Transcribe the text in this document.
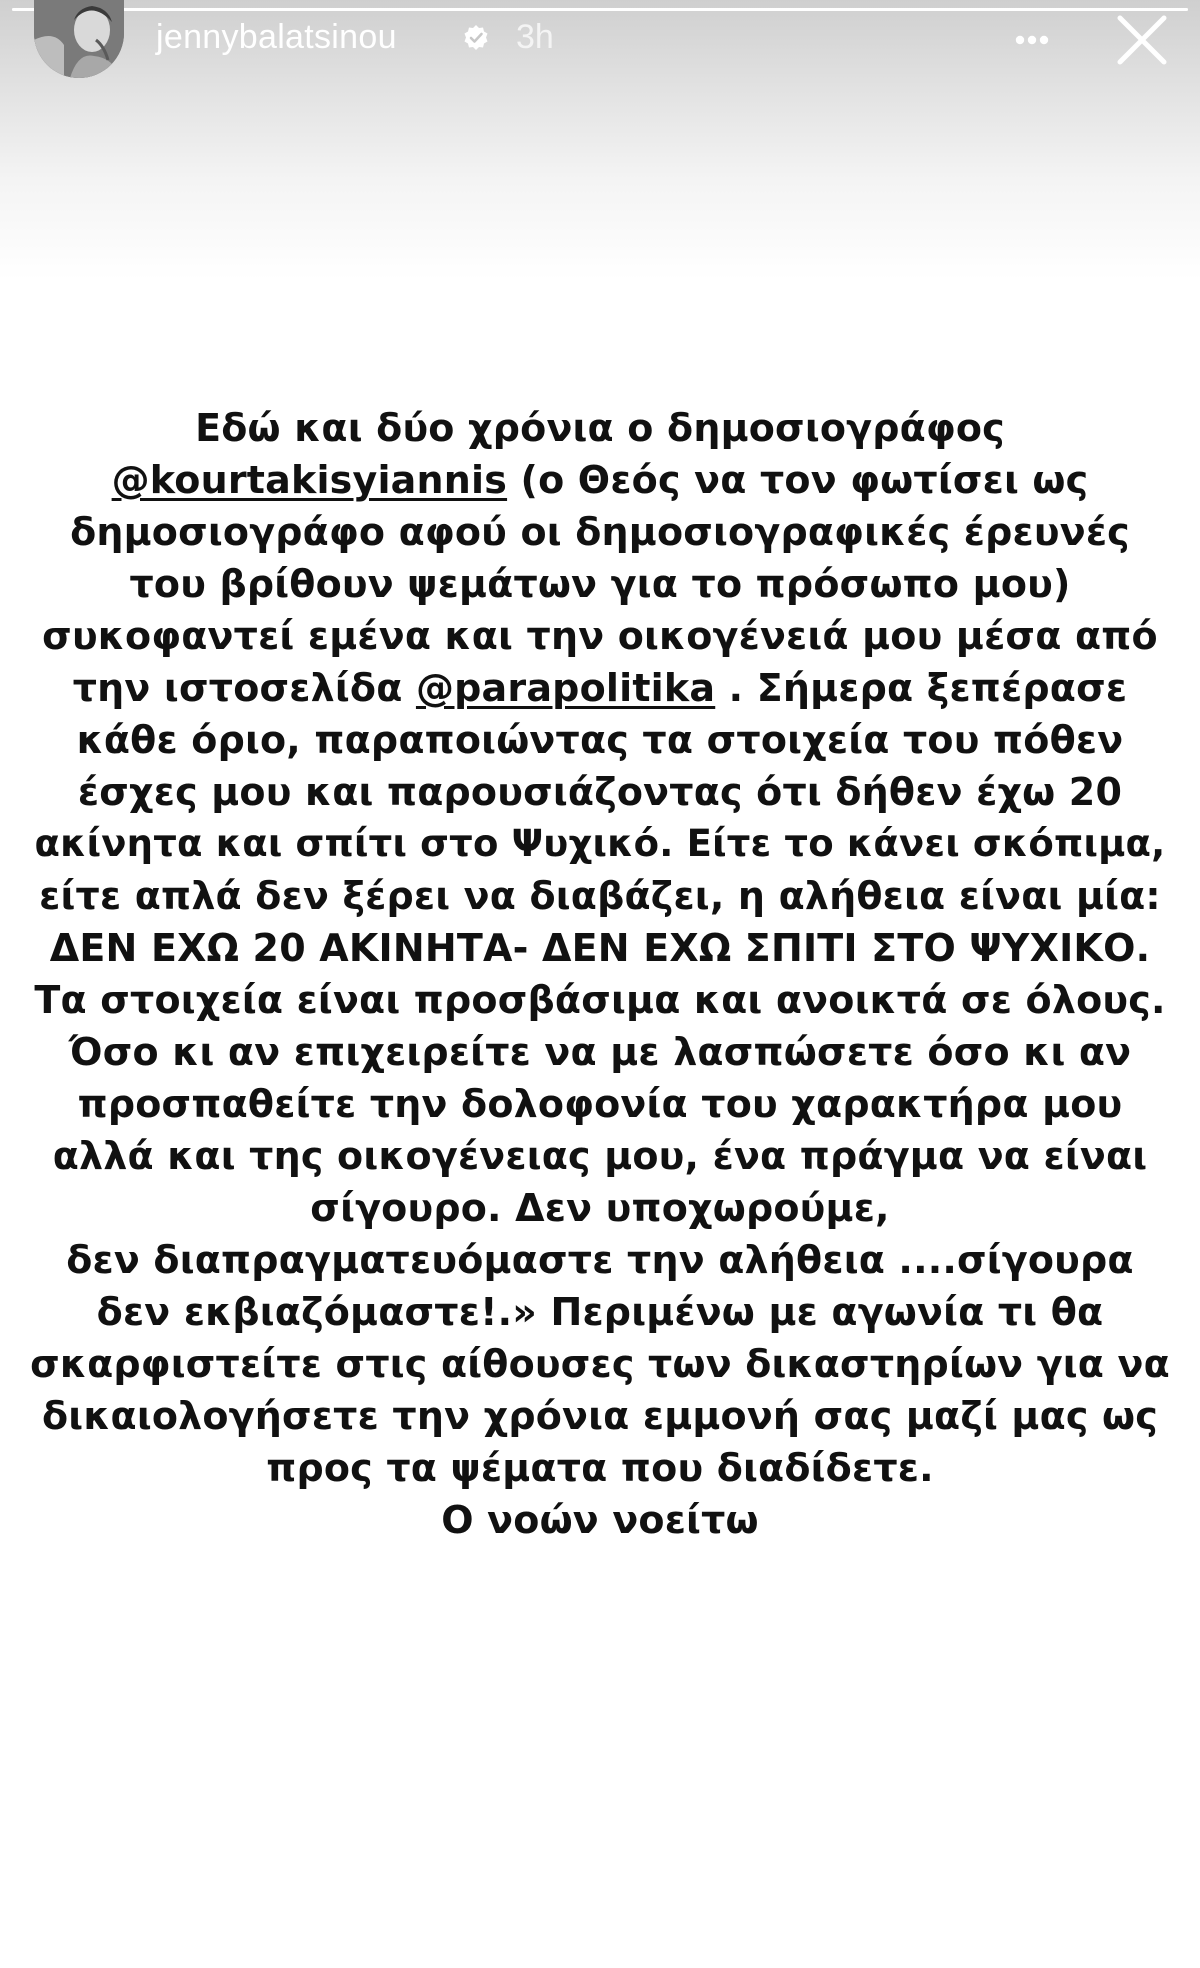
jennybalatsinou	3h
Εδώ και δύο χρόνια ο δημοσιογράφος
@kourtakisyiannis (ο Θεός να τον φωτίσει ως
δημοσιογράφο αφού οι δημοσιογραφικές έρευνές
του βρίθουν ψεμάτων για το πρόσωπο μου)
συκοφαντεί εμένα και την οικογένειά μου μέσα από
την ιστοσελίδα @parapolitika . Σήμερα ξεπέρασε
κάθε όριο, παραποιώντας τα στοιχεία του πόθεν
έσχες μου και παρουσιάζοντας ότι δήθεν έχω 20
ακίνητα και σπίτι στο Ψυχικό. Είτε το κάνει σκόπιμα,
είτε απλά δεν ξέρει να διαβάζει, η αλήθεια είναι μία:
ΔΕΝ ΕΧΩ 20 ΑΚΙΝΗΤΑ- ΔΕΝ ΕΧΩ ΣΠΙΤΙ ΣΤΟ ΨΥΧΙΚΟ.
Τα στοιχεία είναι προσβάσιμα και ανοικτά σε όλους.
Όσο κι αν επιχειρείτε να με λασπώσετε όσο κι αν
προσπαθείτε την δολοφονία του χαρακτήρα μου
αλλά και της οικογένειας μου, ένα πράγμα να είναι
σίγουρο. Δεν υποχωρούμε,
δεν διαπραγματευόμαστε την αλήθεια ....σίγουρα
δεν εκβιαζόμαστε!.» Περιμένω με αγωνία τι θα
σκαρφιστείτε στις αίθουσες των δικαστηρίων για να
δικαιολογήσετε την χρόνια εμμονή σας μαζί μας ως
προς τα ψέματα που διαδίδετε.
Ο νοών νοείτω
